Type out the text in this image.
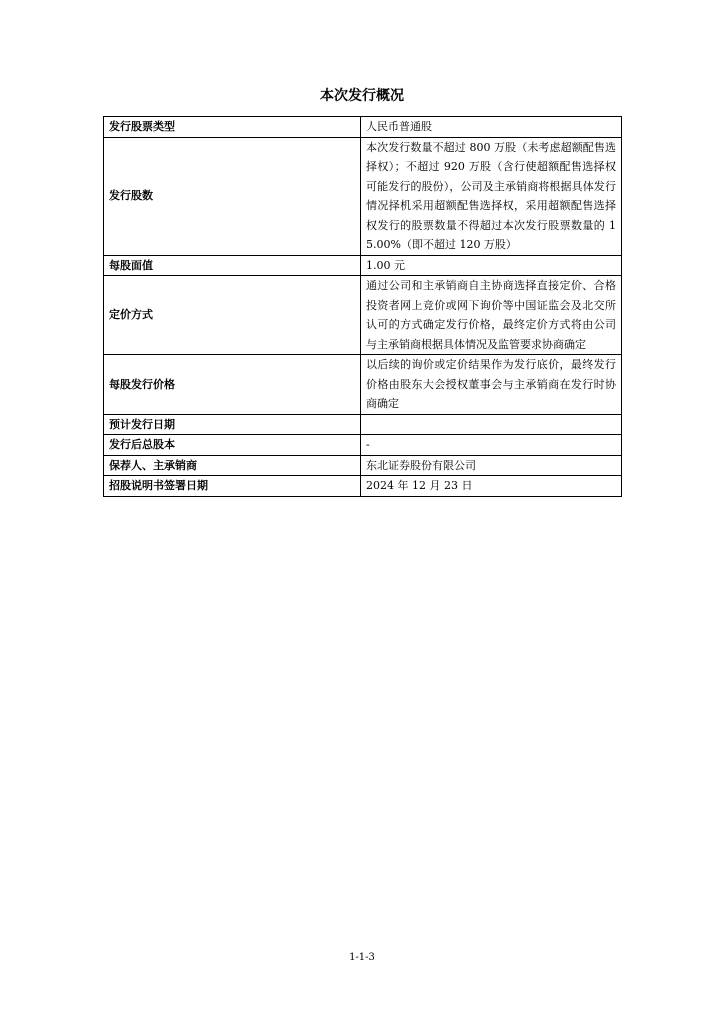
本次发行概况
发行股票类型	人民币普通股
发行股数	本次发行数量不超过 800 万股（未考虑超额配售选择权）；不超过 920 万股（含行使超额配售选择权可能发行的股份），公司及主承销商将根据具体发行情况择机采用超额配售选择权，采用超额配售选择权发行的股票数量不得超过本次发行股票数量的 15.00%（即不超过 120 万股）
每股面值	1.00 元
定价方式	通过公司和主承销商自主协商选择直接定价、合格投资者网上竞价或网下询价等中国证监会及北交所认可的方式确定发行价格，最终定价方式将由公司与主承销商根据具体情况及监管要求协商确定
每股发行价格	以后续的询价或定价结果作为发行底价，最终发行价格由股东大会授权董事会与主承销商在发行时协商确定
预计发行日期	
发行后总股本	-
保荐人、主承销商	东北证券股份有限公司
招股说明书签署日期	2024 年 12 月 23 日
1-1-3
